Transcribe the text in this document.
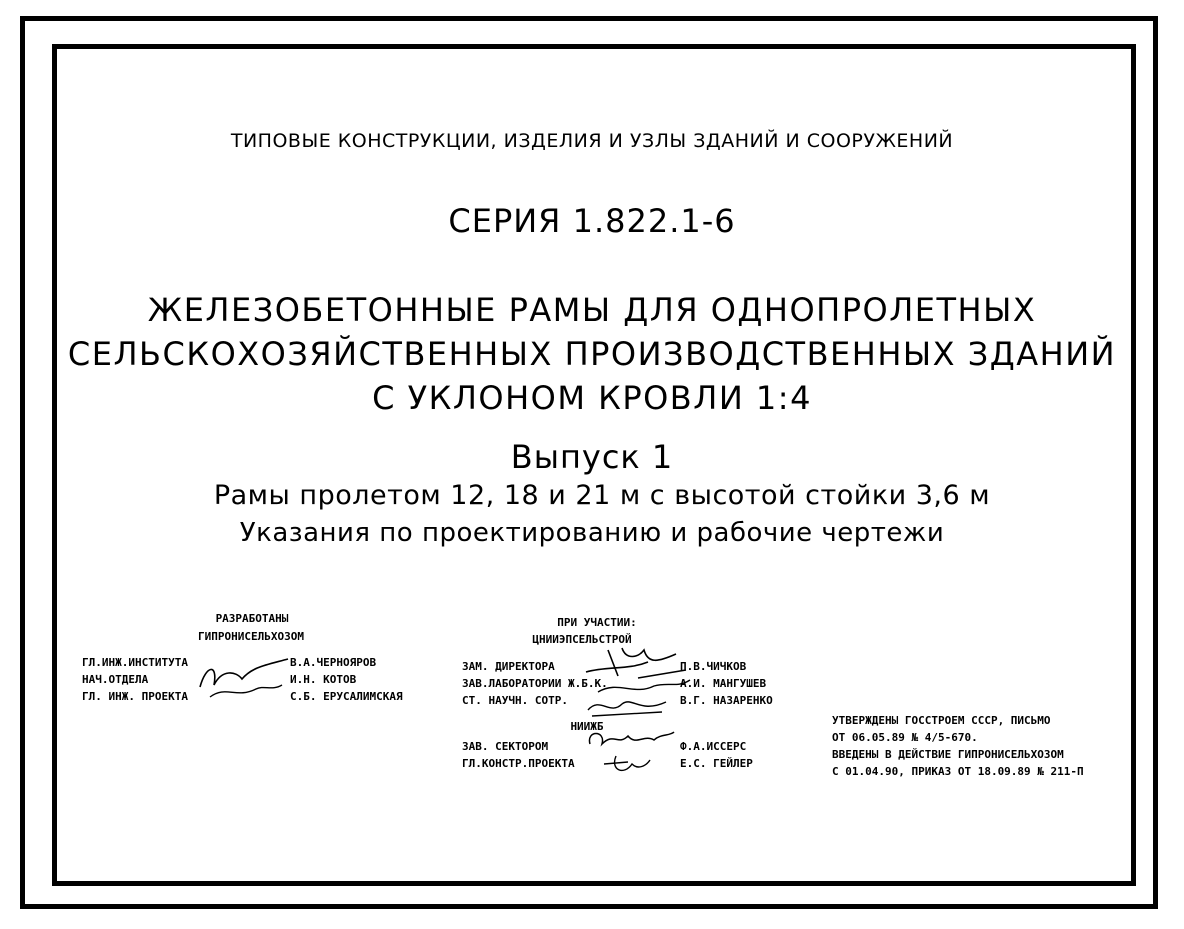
ТИПОВЫЕ КОНСТРУКЦИИ, ИЗДЕЛИЯ И УЗЛЫ ЗДАНИЙ И СООРУЖЕНИЙ
СЕРИЯ 1.822.1-6
ЖЕЛЕЗОБЕТОННЫЕ РАМЫ ДЛЯ ОДНОПРОЛЕТНЫХ
СЕЛЬСКОХОЗЯЙСТВЕННЫХ ПРОИЗВОДСТВЕННЫХ ЗДАНИЙ
С УКЛОНОМ КРОВЛИ 1:4
Выпуск 1
Рамы пролетом 12, 18 и 21 м с высотой стойки 3,6 м
Указания по проектированию и рабочие чертежи
РАЗРАБОТАНЫ
ГИПРОНИСЕЛЬХОЗОМ
ГЛ.ИНЖ.ИНСТИТУТА	В.А.ЧЕРНОЯРОВ
НАЧ.ОТДЕЛА	И.Н. КОТОВ
ГЛ. ИНЖ. ПРОЕКТА	С.Б. ЕРУСАЛИМСКАЯ
ПРИ УЧАСТИИ:
ЦНИИЭПСЕЛЬСТРОЙ
ЗАМ. ДИРЕКТОРА	П.В.ЧИЧКОВ
ЗАВ.ЛАБОРАТОРИИ Ж.Б.К.	А.И. МАНГУШЕВ
СТ. НАУЧН. СОТР.	В.Г. НАЗАРЕНКО
НИИЖБ
ЗАВ. СЕКТОРОМ	Ф.А.ИССЕРС
ГЛ.КОНСТР.ПРОЕКТА	Е.С. ГЕЙЛЕР
УТВЕРЖДЕНЫ ГОССТРОЕМ СССР, ПИСЬМО
ОТ 06.05.89 № 4/5-670.
ВВЕДЕНЫ В ДЕЙСТВИЕ ГИПРОНИСЕЛЬХОЗОМ
С 01.04.90, ПРИКАЗ ОТ 18.09.89 № 211-П
